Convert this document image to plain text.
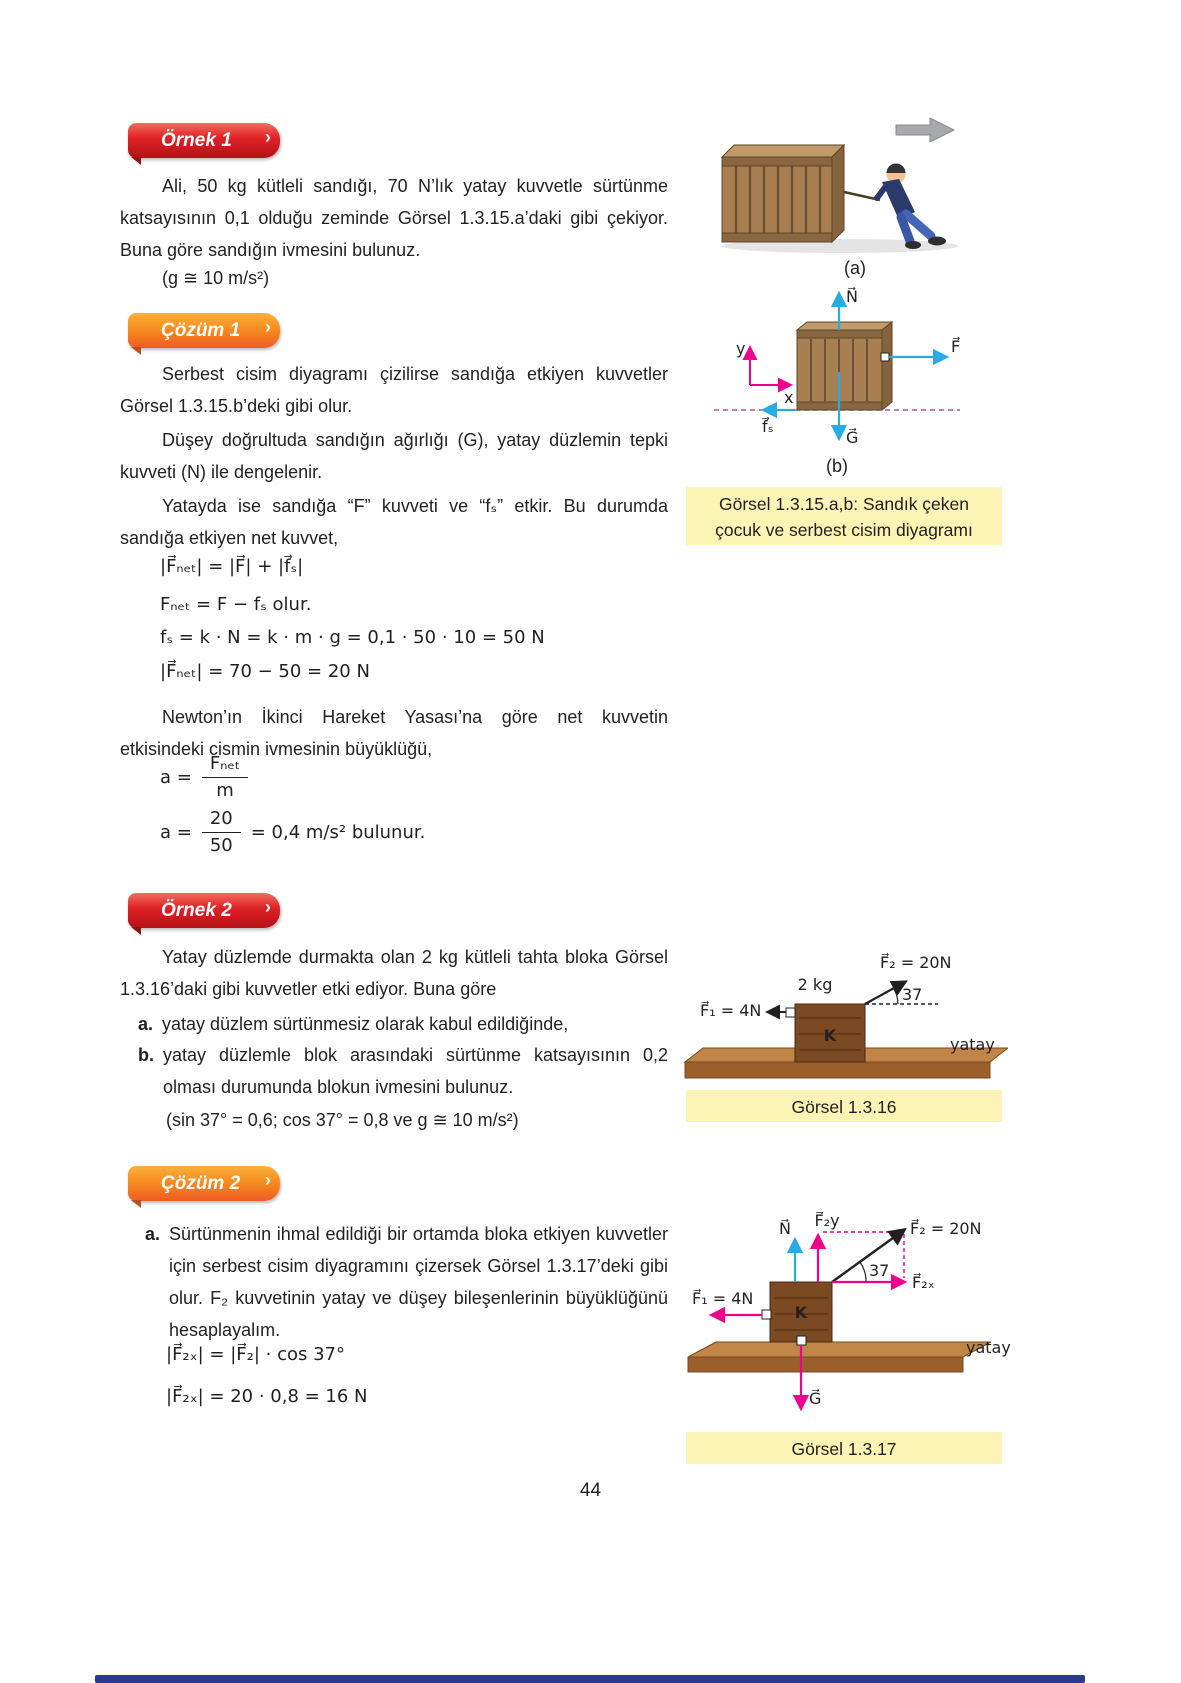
Örnek 1 ›

Ali, 50 kg kütleli sandığı, 70 N’lık yatay kuvvetle sürtünme katsayısının 0,1 olduğu zeminde Görsel 1.3.15.a’daki gibi çekiyor. Buna göre sandığın ivmesini bulunuz.

(g ≅ 10 m/s²)	(a)
N⃗
F⃗
G⃗
f⃗ₛ
y
x
(b)
Görsel 1.3.15.a,b: Sandık çeken çocuk ve serbest cisim diyagramı
Çözüm 1 ›

Serbest cisim diyagramı çizilirse sandığa etkiyen kuvvetler Görsel 1.3.15.b’deki gibi olur.

Düşey doğrultuda sandığın ağırlığı (G), yatay düzlemin tepki kuvveti (N) ile dengelenir.

Yatayda ise sandığa “F” kuvveti ve “fₛ” etkir. Bu durumda sandığa etkiyen net kuvvet,

|F⃗ₙₑₜ| = |F⃗| + |f⃗ₛ|

Fₙₑₜ = F − fₛ olur.

fₛ = k · N = k · m · g = 0,1 · 50 · 10 = 50 N

|F⃗ₙₑₜ| = 70 − 50 = 20 N

Newton’ın İkinci Hareket Yasası’na göre net kuvvetin etkisindeki cismin ivmesinin büyüklüğü,

$a = \frac{\text{Fₙₑₜ}}{m}$
$a = \frac{20}{50} = 0,4$ m/s² bulunur.
Örnek 2 ›

Yatay düzlemde durmakta olan 2 kg kütleli tahta bloka Görsel 1.3.16’daki gibi kuvvetler etki ediyor. Buna göre

a. yatay düzlem sürtünmesiz olarak kabul edildiğinde,
b. yatay düzlemle blok arasındaki sürtünme katsayısının 0,2 olması durumunda blokun ivmesini bulunuz.

(sin 37° = 0,6; cos 37° = 0,8 ve g ≅ 10 m/s²)

K
37
F⃗₂ = 20N
2 kg
F⃗₁ = 4N
yatay
Görsel 1.3.16
Çözüm 2 ›
a. Sürtünmenin ihmal edildiği bir ortamda bloka etkiyen kuvvetler için serbest cisim diyagramını çizersek Görsel 1.3.17’deki gibi olur. F₂ kuvvetinin yatay ve düşey bileşenlerinin büyüklüğünü hesaplayalım.

|F⃗₂ₓ| = |F⃗₂| · cos 37°

|F⃗₂ₓ| = 20 · 0,8 = 16 N

K
37
N⃗ F⃗₂y	F⃗₂ = 20N
F⃗₂ₓ
F⃗₁ = 4N
G⃗
yatay
Görsel 1.3.17
44
